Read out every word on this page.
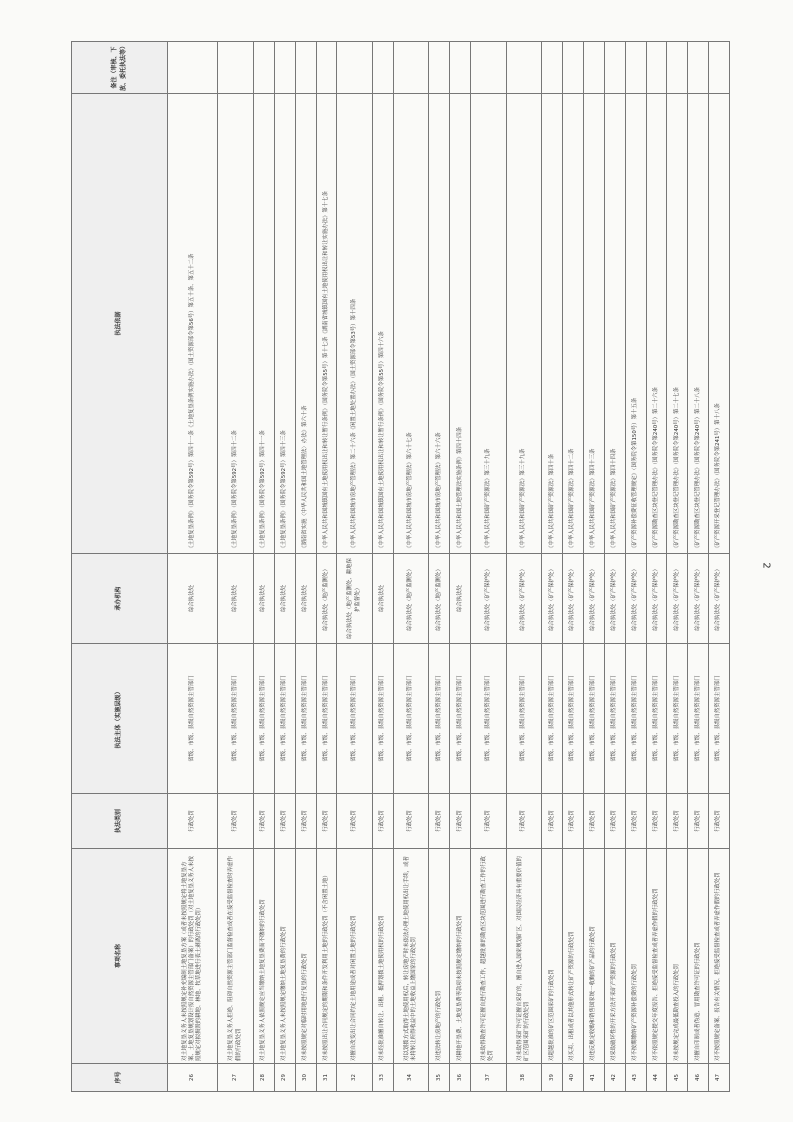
序号	事项名称	执法类别	执法主体（实施层级）	承办机构	执法依据	备注（审核、下放、委托执法等）
26	对土地复垦义务人未按照规定补充编制土地复垦方案（或者未按照规定将土地复垦方案、土地复垦规划设计报自然资源主管部门备案）的行政处罚（对土地复垦义务人未按照规定对拟损毁的耕地、林地、牧草地进行表土剥离的行政处罚）	行政处罚	省级、市级、县级自然资源主管部门	综合执法处	《土地复垦条例》（国务院令第592号）第四十一条《土地复垦条例实施办法》（国土资源部令第56号）第五十条、第五十二条	
27	对土地复垦义务人拒绝、阻碍自然资源主管部门监督检查或者在接受监督检查时弄虚作假的行政处罚	行政处罚	省级、市级、县级自然资源主管部门	综合执法处	《土地复垦条例》（国务院令第592号）第四十二条	
28	对土地复垦义务人依照规定应当缴纳土地复垦费而不缴纳的行政处罚	行政处罚	省级、市级、县级自然资源主管部门	综合执法处	《土地复垦条例》（国务院令第592号）第四十一条	
29	对土地复垦义务人未按照规定缴纳土地复垦费的行政处罚	行政处罚	省级、市级、县级自然资源主管部门	综合执法处	《土地复垦条例》（国务院令第592号）第四十三条	
30	对未按照规定对临时用地进行复垦的行政处罚	行政处罚	省级、市级、县级自然资源主管部门	综合执法处	《湖南省实施〈中华人民共和国土地管理法〉办法》第六十条	
31	对未按照出让合同规定的期限和条件开发利用土地的行政处罚（不含闲置土地）	行政处罚	省级、市级、县级自然资源主管部门	综合执法处（地产监测处）	《中华人民共和国城镇国有土地使用权出让和转让暂行条例》（国务院令第55号）第十七条《湖南省城镇国有土地使用权出让和转让实施办法》第十七条	
32	对擅自改变出让合同约定土地用途或者对闲置土地的行政处罚	行政处罚	省级、市级、县级自然资源主管部门	综合执法处（地产监测处、耕地保护监督处）	《中华人民共和国城市房地产管理法》第二十六条《闲置土地处置办法》（国土资源部令第53号）第十四条	
33	对未经批准擅自转让、出租、抵押划拨土地使用权的行政处罚	行政处罚	省级、市级、县级自然资源主管部门	综合执法处	《中华人民共和国城镇国有土地使用权出让和转让暂行条例》（国务院令第55号）第四十六条	
34	对以划拨方式取得土地使用权后，转让房地产时未依法办理土地使用权出让手续，或者未将转让所得收益中的土地收益上缴国家的行政处罚	行政处罚	省级、市级、县级自然资源主管部门	综合执法处（地产监测处）	《中华人民共和国城市房地产管理法》第六十七条	
35	对违法转让房地产的行政处罚	行政处罚	省级、市级、县级自然资源主管部门	综合执法处（地产监测处）	《中华人民共和国城市房地产管理法》第六十六条	
36	对耕地开垦费、土地复垦费等款项未按照规定缴纳的行政处罚	行政处罚	省级、市级、县级自然资源主管部门	综合执法处	《中华人民共和国土地管理法实施条例》第四十四条	
37	对未取得勘查许可证擅自进行勘查工作，超越批准的勘查区块范围进行勘查工作的行政处罚	行政处罚	省级、市级、县级自然资源主管部门	综合执法处（矿产保护处）	《中华人民共和国矿产资源法》第三十九条	
38	对未取得采矿许可证擅自采矿的，擅自进入国家规划矿区、对国民经济具有重要价值的矿区范围采矿的行政处罚	行政处罚	省级、市级、县级自然资源主管部门	综合执法处（矿产保护处）	《中华人民共和国矿产资源法》第三十九条	
39	对超越批准的矿区范围采矿的行政处罚	行政处罚	省级、市级、县级自然资源主管部门	综合执法处（矿产保护处）	《中华人民共和国矿产资源法》第四十条	
40	对买卖、出租或者以其他形式转让矿产资源的行政处罚	行政处罚	省级、市级、县级自然资源主管部门	综合执法处（矿产保护处）	《中华人民共和国矿产资源法》第四十二条	
41	对违反规定收购和销售国家统一收购的矿产品的行政处罚	行政处罚	省级、市级、县级自然资源主管部门	综合执法处（矿产保护处）	《中华人民共和国矿产资源法》第四十三条	
42	对采取破坏性的开采方法开采矿产资源的行政处罚	行政处罚	省级、市级、县级自然资源主管部门	综合执法处（矿产保护处）	《中华人民共和国矿产资源法》第四十四条	
43	对不按期缴纳矿产资源补偿费的行政处罚	行政处罚	省级、市级、县级自然资源主管部门	综合执法处（矿产保护处）	《矿产资源补偿费征收管理规定》（国务院令第150号）第十五条	
44	对不依照规定提交年度报告、拒绝接受监督检查或者弄虚作假的行政处罚	行政处罚	省级、市级、县级自然资源主管部门	综合执法处（矿产保护处）	《矿产资源勘查区块登记管理办法》（国务院令第240号）第二十六条	
45	对未按规定完成最低勘查投入的行政处罚	行政处罚	省级、市级、县级自然资源主管部门	综合执法处（矿产保护处）	《矿产资源勘查区块登记管理办法》（国务院令第240号）第二十七条	
46	对擅自印制或者伪造、冒用勘查许可证的行政处罚	行政处罚	省级、市级、县级自然资源主管部门	综合执法处（矿产保护处）	《矿产资源勘查区块登记管理办法》（国务院令第240号）第二十八条	
47	对不按照规定备案、报告有关情况、拒绝接受监督检查或者弄虚作假的行政处罚	行政处罚	省级、市级、县级自然资源主管部门	综合执法处（矿产保护处）	《矿产资源开采登记管理办法》（国务院令第241号）第十八条	
2
